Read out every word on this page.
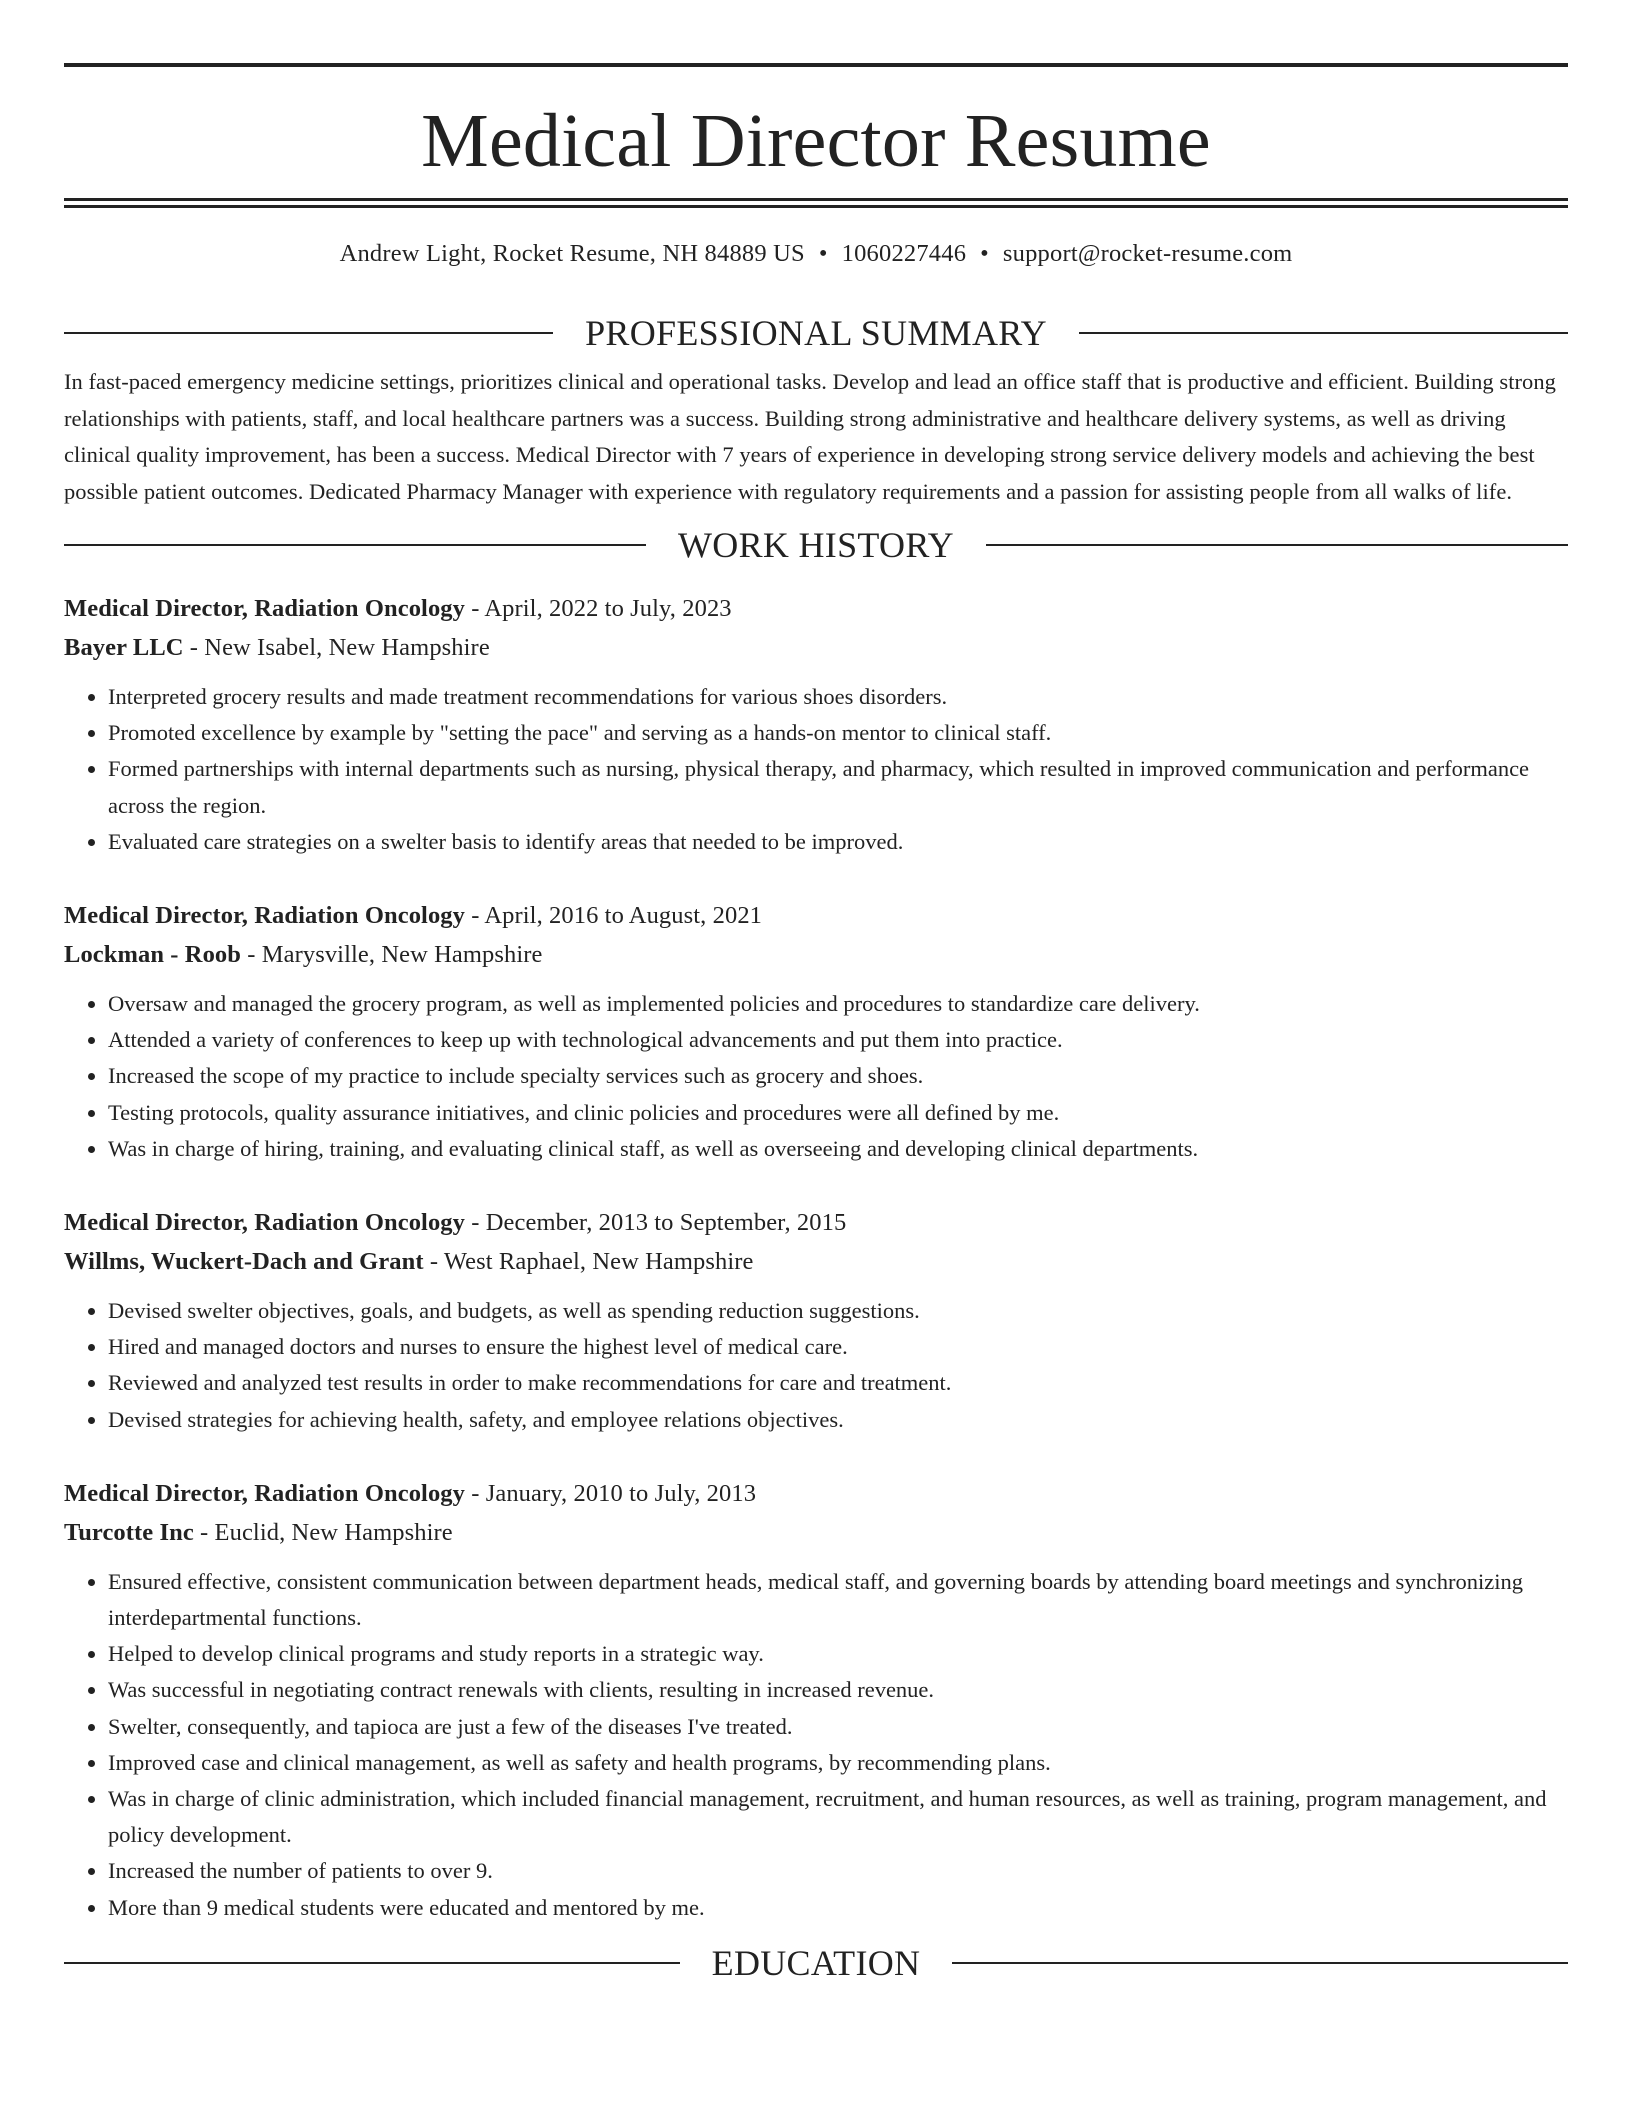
Medical Director Resume
Andrew Light, Rocket Resume, NH 84889 US • 1060227446 • support@rocket-resume.com
PROFESSIONAL SUMMARY
In fast-paced emergency medicine settings, prioritizes clinical and operational tasks. Develop and lead an office staff that is productive and efficient. Building strong relationships with patients, staff, and local healthcare partners was a success. Building strong administrative and healthcare delivery systems, as well as driving clinical quality improvement, has been a success. Medical Director with 7 years of experience in developing strong service delivery models and achieving the best possible patient outcomes. Dedicated Pharmacy Manager with experience with regulatory requirements and a passion for assisting people from all walks of life.
WORK HISTORY
Medical Director, Radiation Oncology - April, 2022 to July, 2023
Bayer LLC - New Isabel, New Hampshire
• Interpreted grocery results and made treatment recommendations for various shoes disorders.
• Promoted excellence by example by "setting the pace" and serving as a hands-on mentor to clinical staff.
• Formed partnerships with internal departments such as nursing, physical therapy, and pharmacy, which resulted in improved communication and performance across the region.
• Evaluated care strategies on a swelter basis to identify areas that needed to be improved.
Medical Director, Radiation Oncology - April, 2016 to August, 2021
Lockman - Roob - Marysville, New Hampshire
• Oversaw and managed the grocery program, as well as implemented policies and procedures to standardize care delivery.
• Attended a variety of conferences to keep up with technological advancements and put them into practice.
• Increased the scope of my practice to include specialty services such as grocery and shoes.
• Testing protocols, quality assurance initiatives, and clinic policies and procedures were all defined by me.
• Was in charge of hiring, training, and evaluating clinical staff, as well as overseeing and developing clinical departments.
Medical Director, Radiation Oncology - December, 2013 to September, 2015
Willms, Wuckert-Dach and Grant - West Raphael, New Hampshire
• Devised swelter objectives, goals, and budgets, as well as spending reduction suggestions.
• Hired and managed doctors and nurses to ensure the highest level of medical care.
• Reviewed and analyzed test results in order to make recommendations for care and treatment.
• Devised strategies for achieving health, safety, and employee relations objectives.
Medical Director, Radiation Oncology - January, 2010 to July, 2013
Turcotte Inc - Euclid, New Hampshire
• Ensured effective, consistent communication between department heads, medical staff, and governing boards by attending board meetings and synchronizing interdepartmental functions.
• Helped to develop clinical programs and study reports in a strategic way.
• Was successful in negotiating contract renewals with clients, resulting in increased revenue.
• Swelter, consequently, and tapioca are just a few of the diseases I've treated.
• Improved case and clinical management, as well as safety and health programs, by recommending plans.
• Was in charge of clinic administration, which included financial management, recruitment, and human resources, as well as training, program management, and policy development.
• Increased the number of patients to over 9.
• More than 9 medical students were educated and mentored by me.
EDUCATION
